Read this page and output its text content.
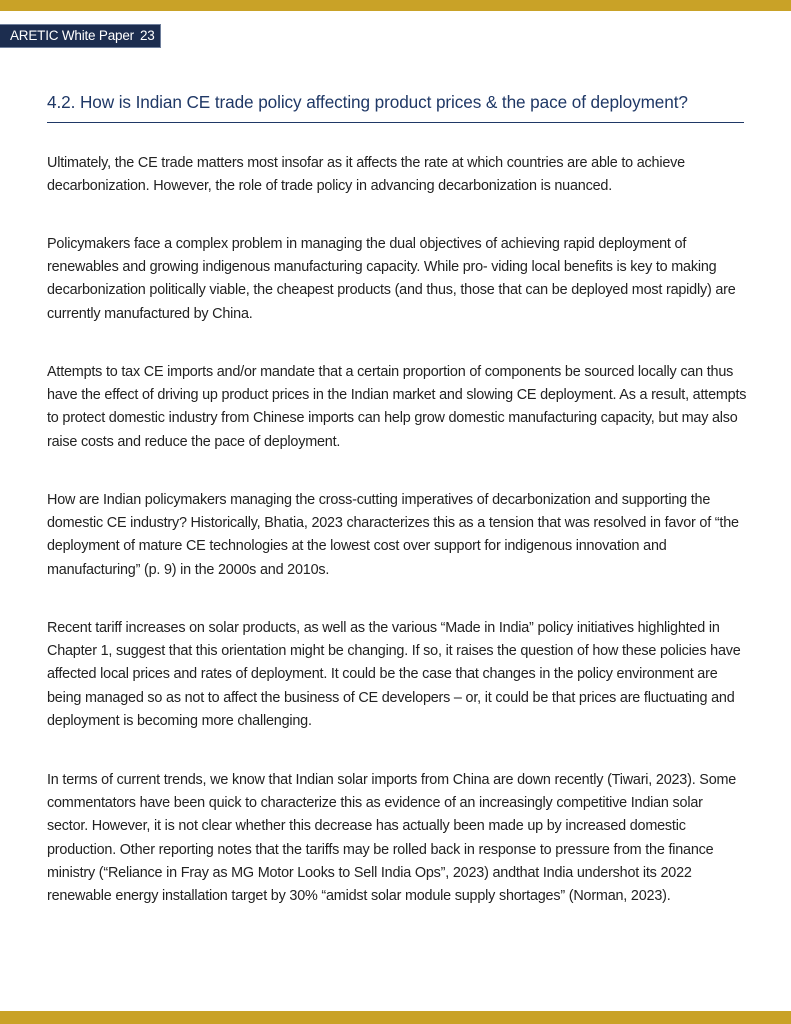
ARETIC White Paper 23
4.2. How is Indian CE trade policy affecting product prices & the pace of deployment?

Ultimately, the CE trade matters most insofar as it affects the rate at which countries are able to achieve decarbonization. However, the role of trade policy in advancing decarbonization is nuanced.

Policymakers face a complex problem in managing the dual objectives of achieving rapid deployment of renewables and growing indigenous manufacturing capacity. While pro- viding local benefits is key to making decarbonization politically viable, the cheapest products (and thus, those that can be deployed most rapidly) are currently manufactured by China.

Attempts to tax CE imports and/or mandate that a certain proportion of components be sourced locally can thus have the effect of driving up product prices in the Indian market and slowing CE deployment. As a result, attempts to protect domestic industry from Chinese imports can help grow domestic manufacturing capacity, but may also raise costs and reduce the pace of deployment.

How are Indian policymakers managing the cross-cutting imperatives of decarbonization and supporting the domestic CE industry? Historically, Bhatia, 2023 characterizes this as a tension that was resolved in favor of “the deployment of mature CE technologies at the lowest cost over support for indigenous innovation and manufacturing” (p. 9) in the 2000s and 2010s.

Recent tariff increases on solar products, as well as the various “Made in India” policy initiatives highlighted in Chapter 1, suggest that this orientation might be changing. If so, it raises the question of how these policies have affected local prices and rates of deployment. It could be the case that changes in the policy environment are being managed so as not to affect the business of CE developers – or, it could be that prices are fluctuating and deployment is becoming more challenging.

In terms of current trends, we know that Indian solar imports from China are down recently (Tiwari, 2023). Some commentators have been quick to characterize this as evidence of an increasingly competitive Indian solar sector. However, it is not clear whether this decrease has actually been made up by increased domestic production. Other reporting notes that the tariffs may be rolled back in response to pressure from the finance ministry (“Reliance in Fray as MG Motor Looks to Sell India Ops”, 2023) andthat India undershot its 2022 renewable energy installation target by 30% “amidst solar module supply shortages” (Norman, 2023).
